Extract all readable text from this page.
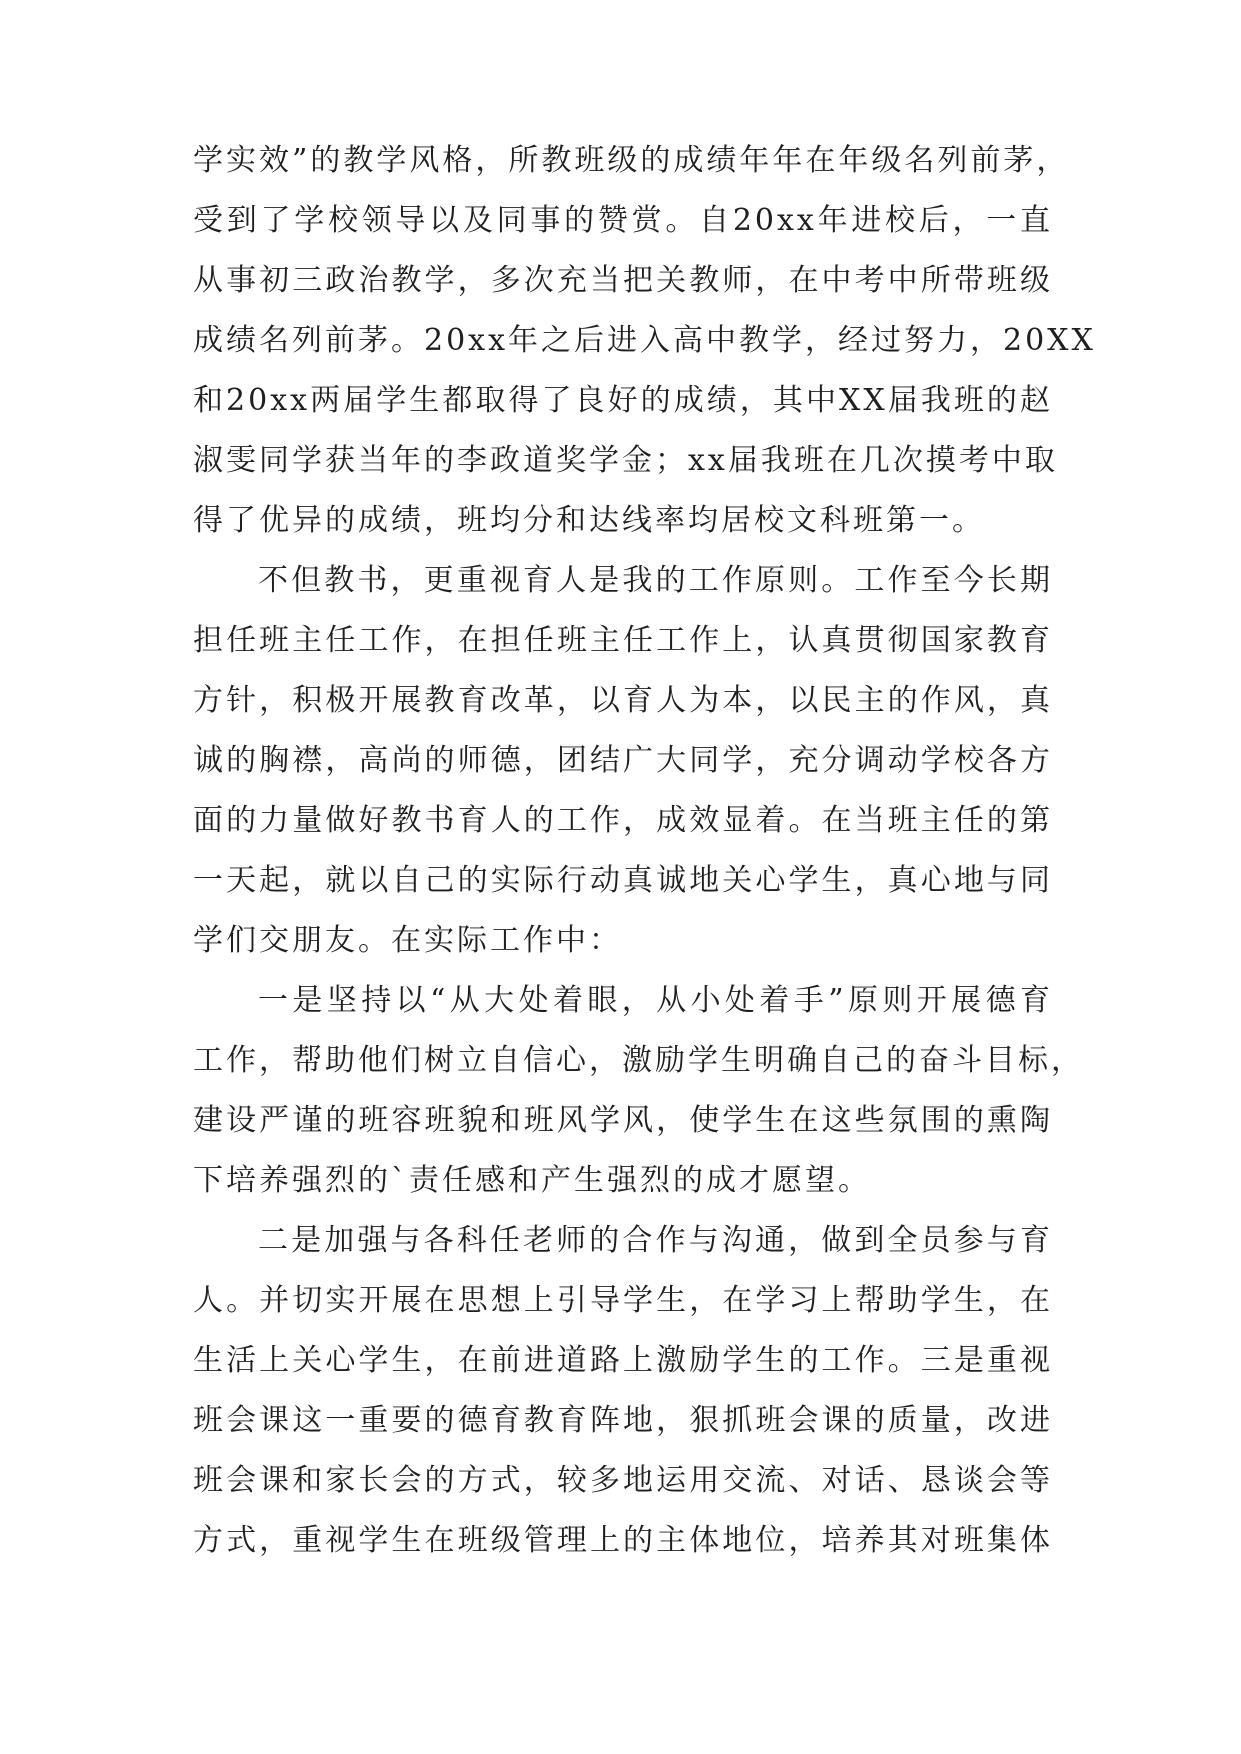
学实效”的教学风格，所教班级的成绩年年在年级名列前茅，
受到了学校领导以及同事的赞赏。自20xx年进校后，一直
从事初三政治教学，多次充当把关教师，在中考中所带班级
成绩名列前茅。20xx年之后进入高中教学，经过努力，20XX
和20xx两届学生都取得了良好的成绩，其中XX届我班的赵
淑雯同学获当年的李政道奖学金；xx届我班在几次摸考中取
得了优异的成绩，班均分和达线率均居校文科班第一。
不但教书，更重视育人是我的工作原则。工作至今长期
担任班主任工作，在担任班主任工作上，认真贯彻国家教育
方针，积极开展教育改革，以育人为本，以民主的作风，真
诚的胸襟，高尚的师德，团结广大同学，充分调动学校各方
面的力量做好教书育人的工作，成效显着。在当班主任的第
一天起，就以自己的实际行动真诚地关心学生，真心地与同
学们交朋友。在实际工作中：
一是坚持以“从大处着眼，从小处着手”原则开展德育
工作，帮助他们树立自信心，激励学生明确自己的奋斗目标，
建设严谨的班容班貌和班风学风，使学生在这些氛围的熏陶
下培养强烈的`责任感和产生强烈的成才愿望。
二是加强与各科任老师的合作与沟通，做到全员参与育
人。并切实开展在思想上引导学生，在学习上帮助学生，在
生活上关心学生，在前进道路上激励学生的工作。三是重视
班会课这一重要的德育教育阵地，狠抓班会课的质量，改进
班会课和家长会的方式，较多地运用交流、对话、恳谈会等
方式，重视学生在班级管理上的主体地位，培养其对班集体
